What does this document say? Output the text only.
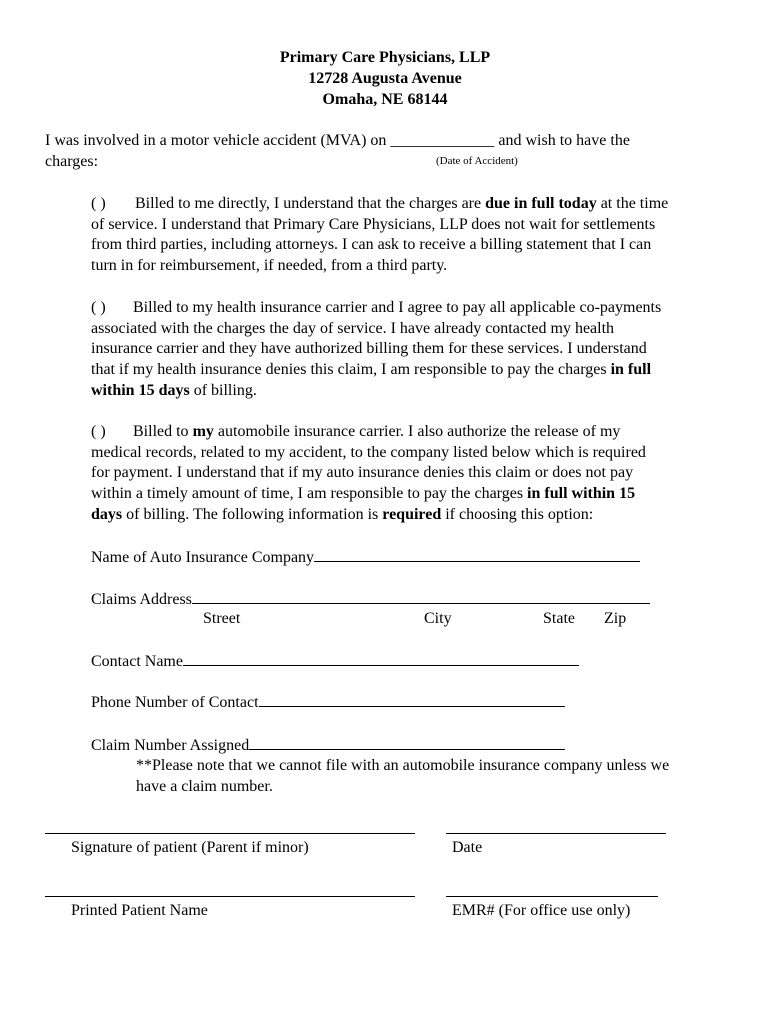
Primary Care Physicians, LLP
12728 Augusta Avenue
Omaha, NE 68144
I was involved in a motor vehicle accident (MVA) on _____________ and wish to have the
charges:	(Date of Accident)
( ) Billed to me directly, I understand that the charges are due in full today at the time
of service. I understand that Primary Care Physicians, LLP does not wait for settlements
from third parties, including attorneys. I can ask to receive a billing statement that I can
turn in for reimbursement, if needed, from a third party.
( ) Billed to my health insurance carrier and I agree to pay all applicable co-payments
associated with the charges the day of service. I have already contacted my health
insurance carrier and they have authorized billing them for these services. I understand
that if my health insurance denies this claim, I am responsible to pay the charges in full
within 15 days of billing.
( ) Billed to my automobile insurance carrier. I also authorize the release of my
medical records, related to my accident, to the company listed below which is required
for payment. I understand that if my auto insurance denies this claim or does not pay
within a timely amount of time, I am responsible to pay the charges in full within 15
days of billing. The following information is required if choosing this option:
Name of Auto Insurance Company
Claims Address
Street	City	State Zip
Contact Name
Phone Number of Contact
Claim Number Assigned
**Please note that we cannot file with an automobile insurance company unless we
have a claim number.
Signature of patient (Parent if minor)	Date
Printed Patient Name	EMR# (For office use only)
